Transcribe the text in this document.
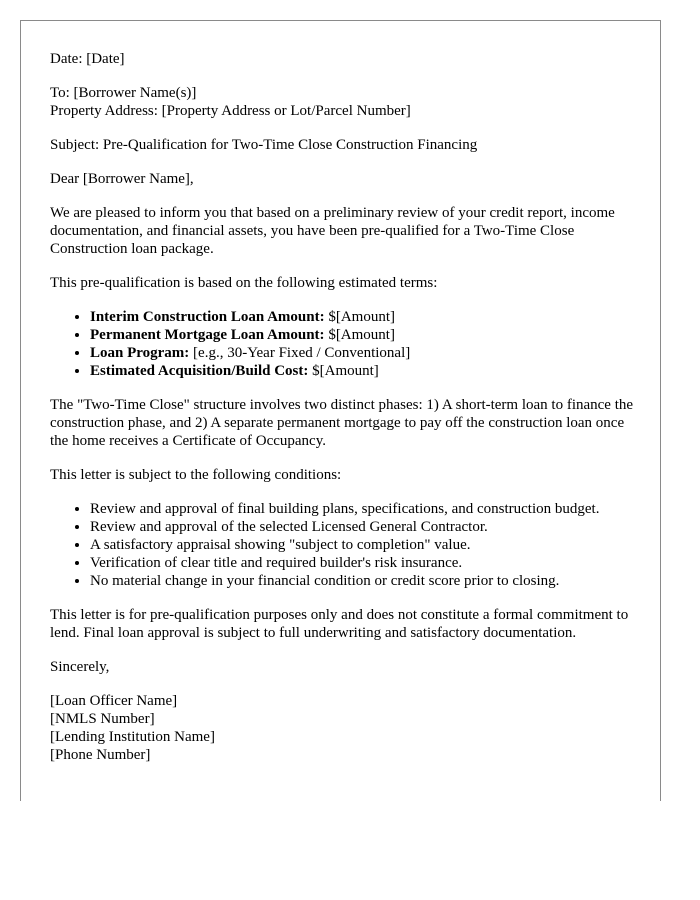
Date: [Date]
To: [Borrower Name(s)]
Property Address: [Property Address or Lot/Parcel Number]
Subject: Pre-Qualification for Two-Time Close Construction Financing
Dear [Borrower Name],

We are pleased to inform you that based on a preliminary review of your credit report, income documentation, and financial assets, you have been pre-qualified for a Two-Time Close Construction loan package.

This pre-qualification is based on the following estimated terms:

• Interim Construction Loan Amount: $[Amount]
• Permanent Mortgage Loan Amount: $[Amount]
• Loan Program: [e.g., 30-Year Fixed / Conventional]
• Estimated Acquisition/Build Cost: $[Amount]

The "Two-Time Close" structure involves two distinct phases: 1) A short-term loan to finance the construction phase, and 2) A separate permanent mortgage to pay off the construction loan once the home receives a Certificate of Occupancy.

This letter is subject to the following conditions:

• Review and approval of final building plans, specifications, and construction budget.
• Review and approval of the selected Licensed General Contractor.
• A satisfactory appraisal showing "subject to completion" value.
• Verification of clear title and required builder's risk insurance.
• No material change in your financial condition or credit score prior to closing.

This letter is for pre-qualification purposes only and does not constitute a formal commitment to lend. Final loan approval is subject to full underwriting and satisfactory documentation.

Sincerely,
[Loan Officer Name]
[NMLS Number]
[Lending Institution Name]
[Phone Number]
